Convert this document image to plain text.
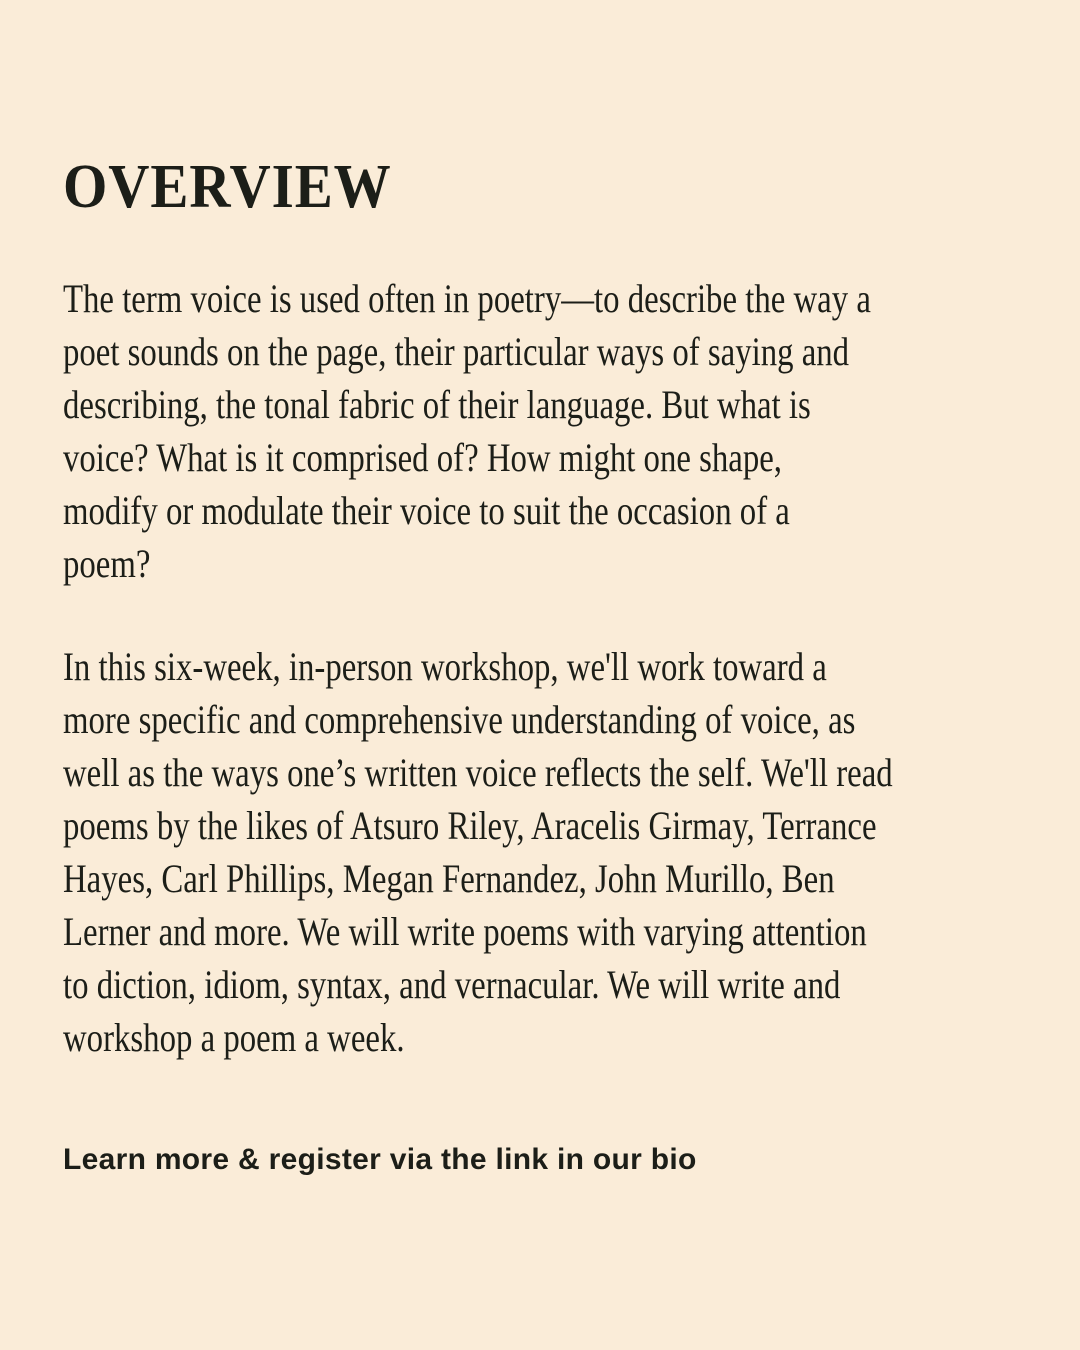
OVERVIEW
The term voice is used often in poetry—to describe the way a
poet sounds on the page, their particular ways of saying and
describing, the tonal fabric of their language. But what is
voice? What is it comprised of? How might one shape,
modify or modulate their voice to suit the occasion of a
poem?
In this six-week, in-person workshop, we'll work toward a
more specific and comprehensive understanding of voice, as
well as the ways one’s written voice reflects the self. We'll read
poems by the likes of Atsuro Riley, Aracelis Girmay, Terrance
Hayes, Carl Phillips, Megan Fernandez, John Murillo, Ben
Lerner and more. We will write poems with varying attention
to diction, idiom, syntax, and vernacular. We will write and
workshop a poem a week.
Learn more & register via the link in our bio
